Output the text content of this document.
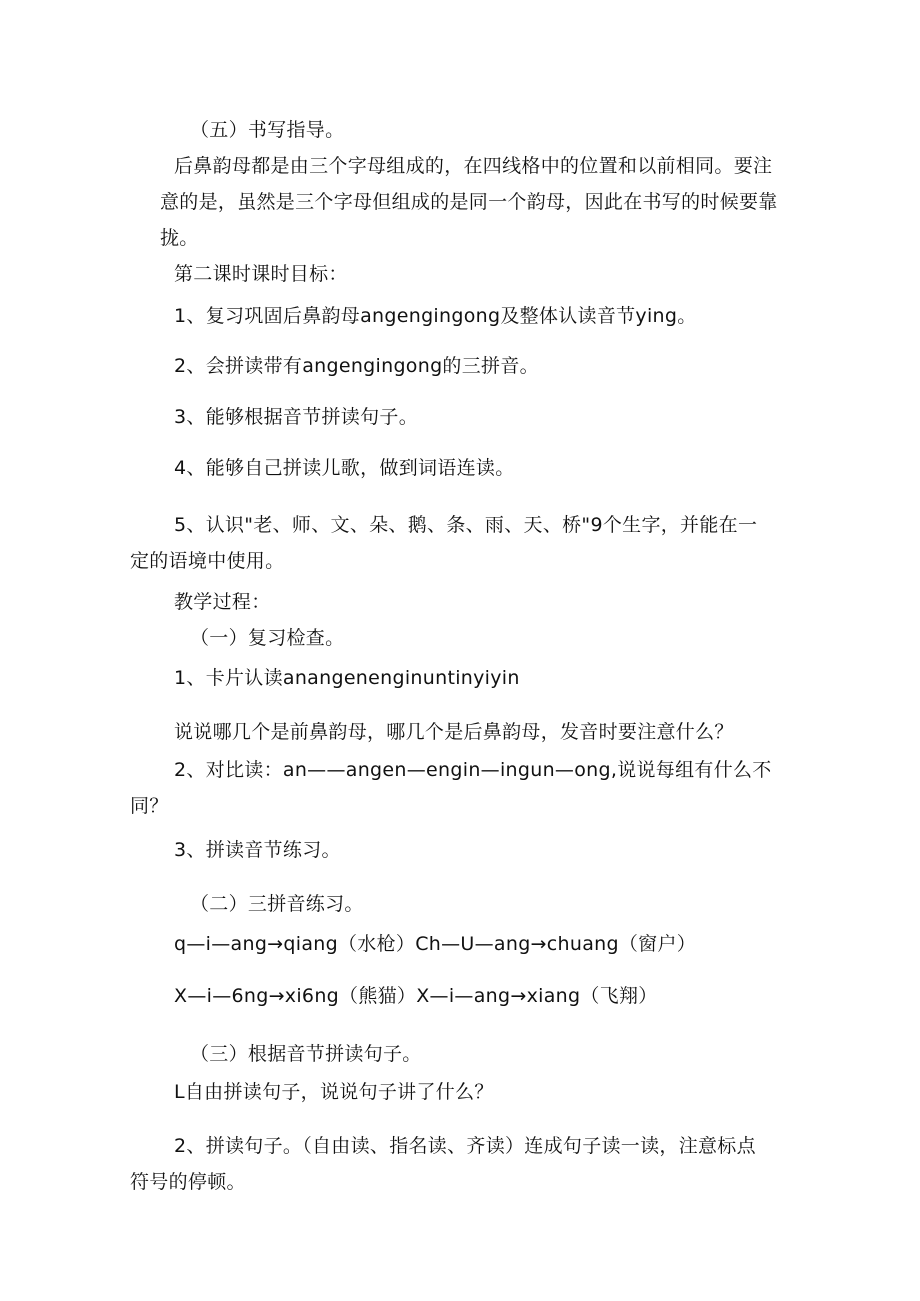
（五）书写指导。
后鼻韵母都是由三个字母组成的，在四线格中的位置和以前相同。要注
意的是，虽然是三个字母但组成的是同一个韵母，因此在书写的时候要靠
拢。
第二课时课时目标：
1、复习巩固后鼻韵母angengingong及整体认读音节ying。
2、会拼读带有angengingong的三拼音。
3、能够根据音节拼读句子。
4、能够自己拼读儿歌，做到词语连读。
5、认识"老、师、文、朵、鹅、条、雨、天、桥"9个生字，并能在一
定的语境中使用。
教学过程：
（一）复习检查。
1、卡片认读anangenenginuntinyiyin
说说哪几个是前鼻韵母，哪几个是后鼻韵母，发音时要注意什么？
2、对比读：an——angen—engin—ingun—ong,说说每组有什么不
同？
3、拼读音节练习。
（二）三拼音练习。
q—i—ang→qiang（水枪）Ch—U—ang→chuang（窗户）
X—i—6ng→xi6ng（熊猫）X—i—ang→xiang（飞翔）
（三）根据音节拼读句子。
L自由拼读句子，说说句子讲了什么？
2、拼读句子。（自由读、指名读、齐读）连成句子读一读，注意标点
符号的停顿。
